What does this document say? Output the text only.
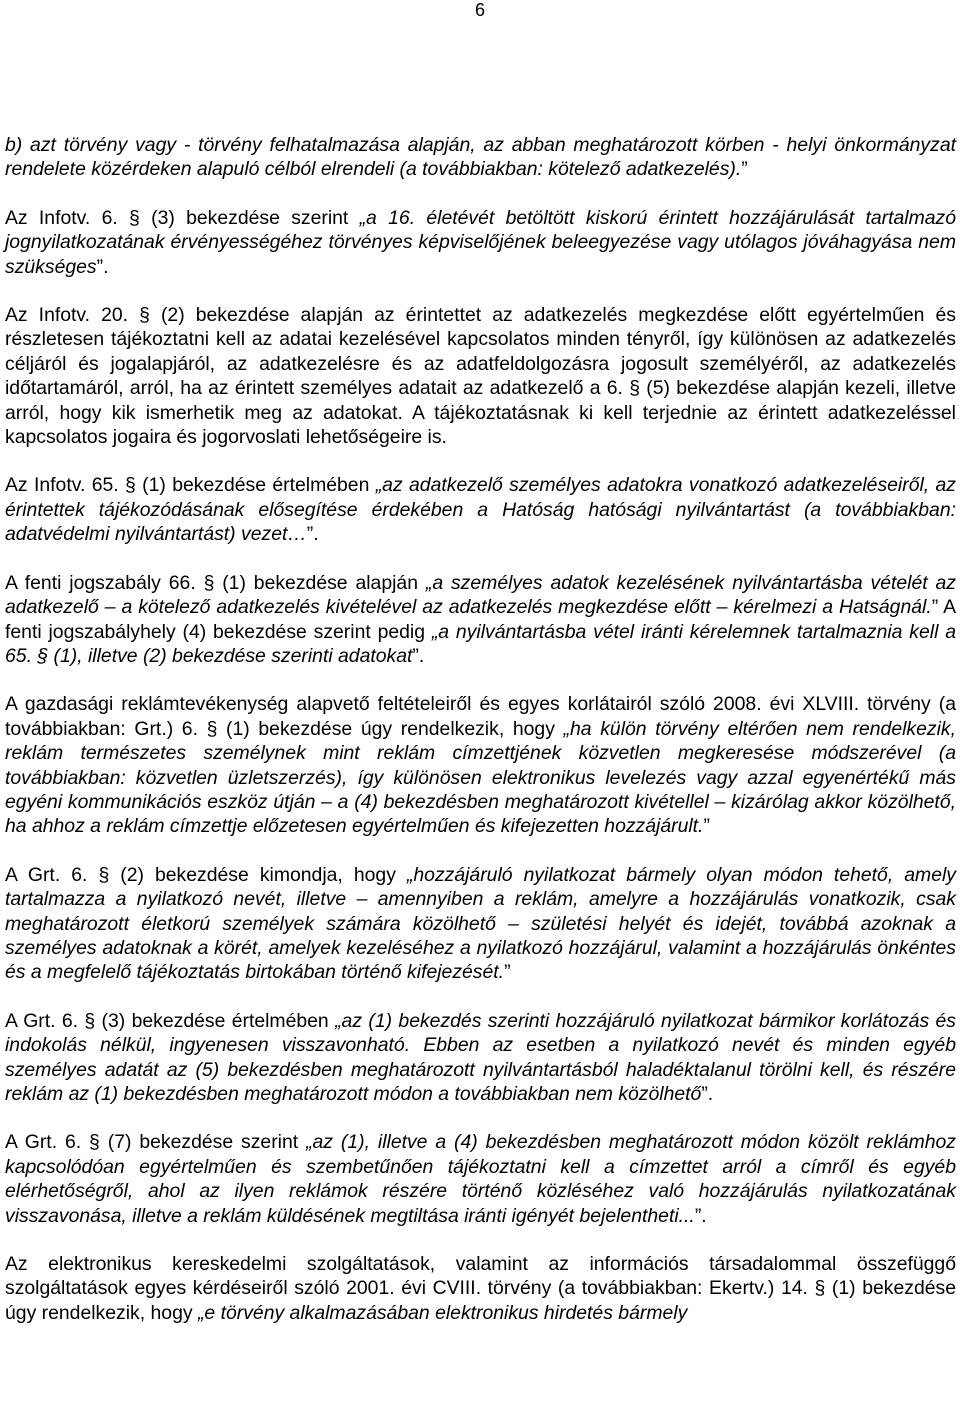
6

b) azt törvény vagy - törvény felhatalmazása alapján, az abban meghatározott körben - helyi önkormányzat rendelete közérdeken alapuló célból elrendeli (a továbbiakban: kötelező adatkezelés).”

Az Infotv. 6. § (3) bekezdése szerint „a 16. életévét betöltött kiskorú érintett hozzájárulását tartalmazó jognyilatkozatának érvényességéhez törvényes képviselőjének beleegyezése vagy utólagos jóváhagyása nem szükséges”.

Az Infotv. 20. § (2) bekezdése alapján az érintettet az adatkezelés megkezdése előtt egyértelműen és részletesen tájékoztatni kell az adatai kezelésével kapcsolatos minden tényről, így különösen az adatkezelés céljáról és jogalapjáról, az adatkezelésre és az adatfeldolgozásra jogosult személyéről, az adatkezelés időtartamáról, arról, ha az érintett személyes adatait az adatkezelő a 6. § (5) bekezdése alapján kezeli, illetve arról, hogy kik ismerhetik meg az adatokat. A tájékoztatásnak ki kell terjednie az érintett adatkezeléssel kapcsolatos jogaira és jogorvoslati lehetőségeire is.

Az Infotv. 65. § (1) bekezdése értelmében „az adatkezelő személyes adatokra vonatkozó adatkezeléseiről, az érintettek tájékozódásának elősegítése érdekében a Hatóság hatósági nyilvántartást (a továbbiakban: adatvédelmi nyilvántartást) vezet…”.

A fenti jogszabály 66. § (1) bekezdése alapján „a személyes adatok kezelésének nyilvántartásba vételét az adatkezelő – a kötelező adatkezelés kivételével az adatkezelés megkezdése előtt – kérelmezi a Hatságnál.” A fenti jogszabályhely (4) bekezdése szerint pedig „a nyilvántartásba vétel iránti kérelemnek tartalmaznia kell a 65. § (1), illetve (2) bekezdése szerinti adatokat”.

A gazdasági reklámtevékenység alapvető feltételeiről és egyes korlátairól szóló 2008. évi XLVIII. törvény (a továbbiakban: Grt.) 6. § (1) bekezdése úgy rendelkezik, hogy „ha külön törvény eltérően nem rendelkezik, reklám természetes személynek mint reklám címzettjének közvetlen megkeresése módszerével (a továbbiakban: közvetlen üzletszerzés), így különösen elektronikus levelezés vagy azzal egyenértékű más egyéni kommunikációs eszköz útján – a (4) bekezdésben meghatározott kivétellel – kizárólag akkor közölhető, ha ahhoz a reklám címzettje előzetesen egyértelműen és kifejezetten hozzájárult.”

A Grt. 6. § (2) bekezdése kimondja, hogy „hozzájáruló nyilatkozat bármely olyan módon tehető, amely tartalmazza a nyilatkozó nevét, illetve – amennyiben a reklám, amelyre a hozzájárulás vonatkozik, csak meghatározott életkorú személyek számára közölhető – születési helyét és idejét, továbbá azoknak a személyes adatoknak a körét, amelyek kezeléséhez a nyilatkozó hozzájárul, valamint a hozzájárulás önkéntes és a megfelelő tájékoztatás birtokában történő kifejezését.”

A Grt. 6. § (3) bekezdése értelmében „az (1) bekezdés szerinti hozzájáruló nyilatkozat bármikor korlátozás és indokolás nélkül, ingyenesen visszavonható. Ebben az esetben a nyilatkozó nevét és minden egyéb személyes adatát az (5) bekezdésben meghatározott nyilvántartásból haladéktalanul törölni kell, és részére reklám az (1) bekezdésben meghatározott módon a továbbiakban nem közölhető”.

A Grt. 6. § (7) bekezdése szerint „az (1), illetve a (4) bekezdésben meghatározott módon közölt reklámhoz kapcsolódóan egyértelműen és szembetűnően tájékoztatni kell a címzettet arról a címről és egyéb elérhetőségről, ahol az ilyen reklámok részére történő közléséhez való hozzájárulás nyilatkozatának visszavonása, illetve a reklám küldésének megtiltása iránti igényét bejelentheti...”.

Az elektronikus kereskedelmi szolgáltatások, valamint az információs társadalommal összefüggő szolgáltatások egyes kérdéseiről szóló 2001. évi CVIII. törvény (a továbbiakban: Ekertv.) 14. § (1) bekezdése úgy rendelkezik, hogy „e törvény alkalmazásában elektronikus hirdetés bármely
